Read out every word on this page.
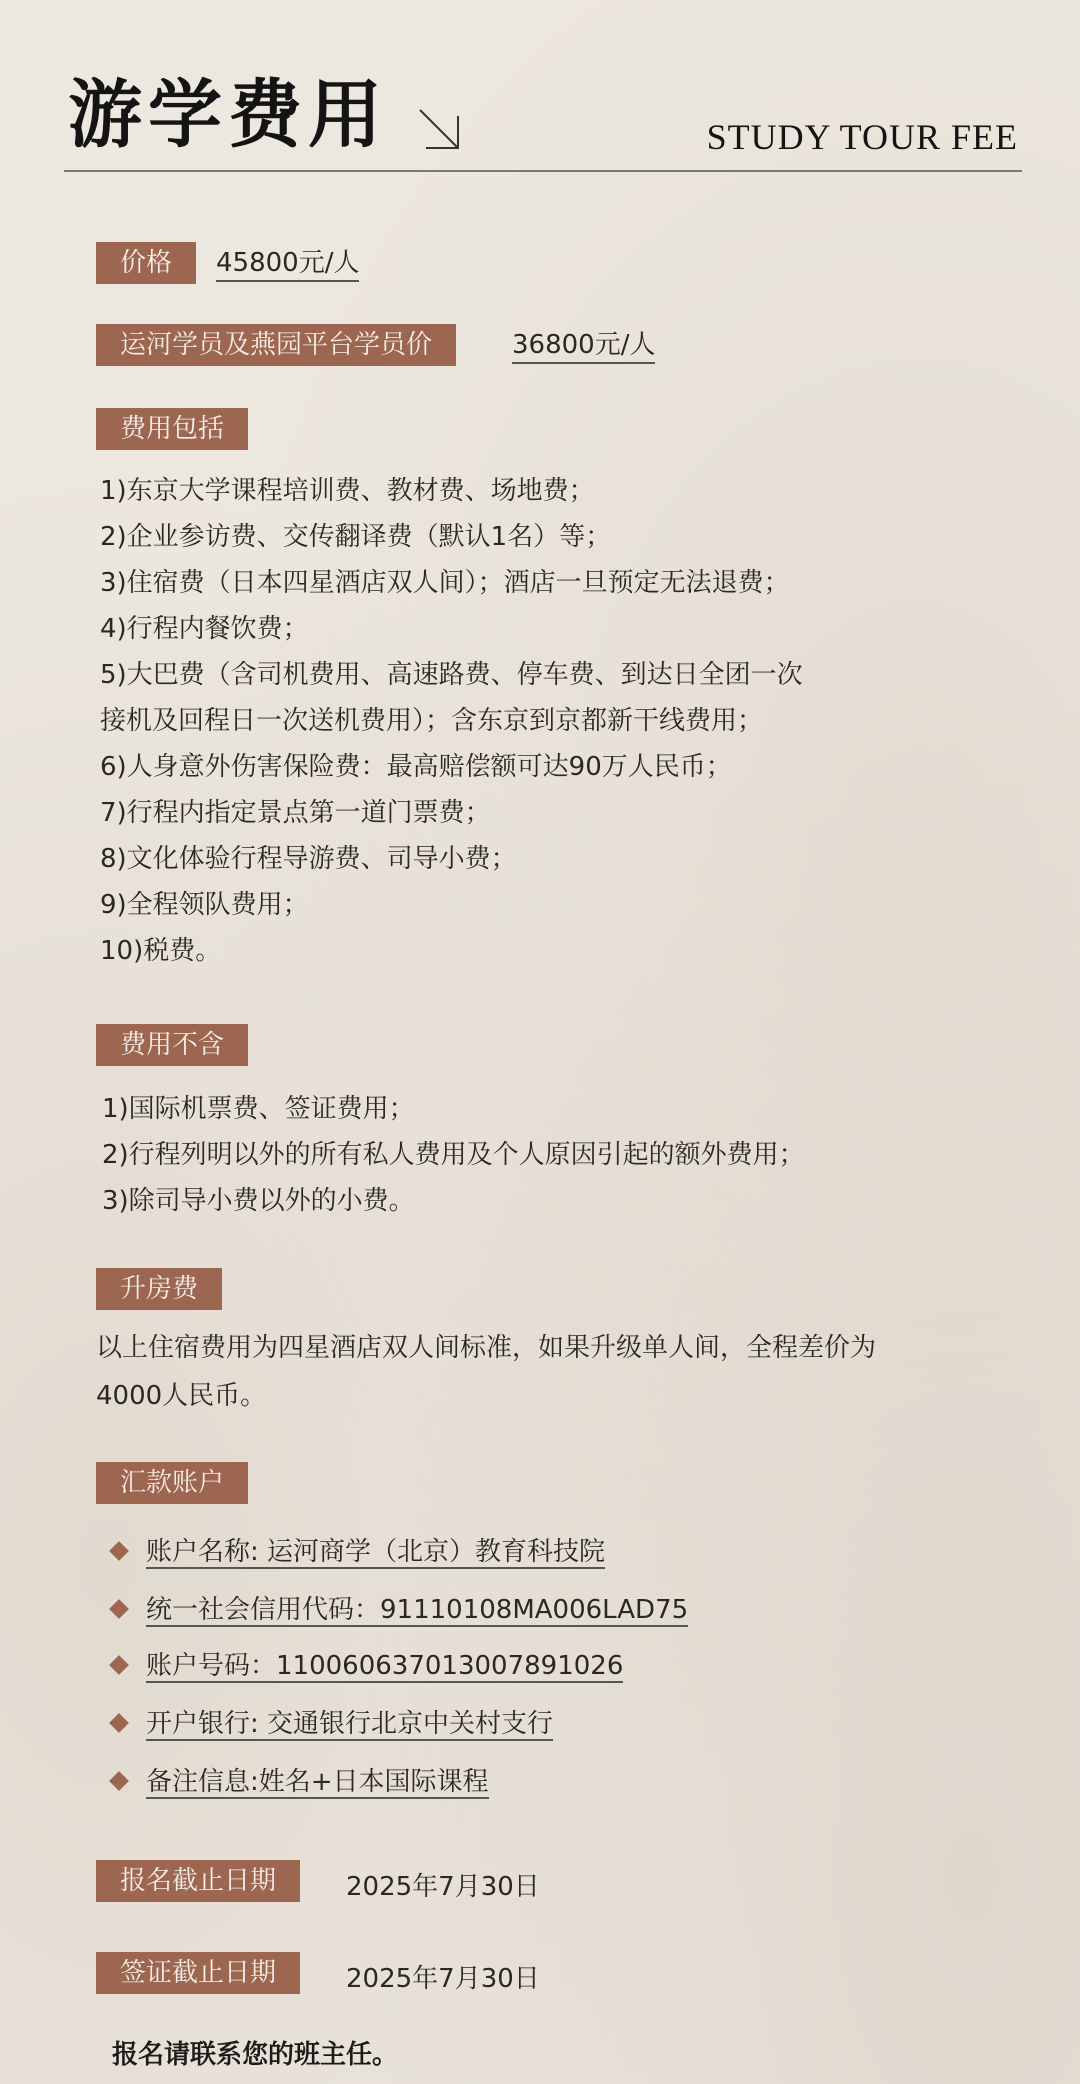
游学费用	STUDY TOUR FEE
价格	45800元/人
运河学员及燕园平台学员价	36800元/人
费用包括
1)东京大学课程培训费、教材费、场地费；
2)企业参访费、交传翻译费（默认1名）等；
3)住宿费（日本四星酒店双人间）；酒店一旦预定无法退费；
4)行程内餐饮费；
5)大巴费（含司机费用、高速路费、停车费、到达日全团一次
接机及回程日一次送机费用）；含东京到京都新干线费用；
6)人身意外伤害保险费：最高赔偿额可达90万人民币；
7)行程内指定景点第一道门票费；
8)文化体验行程导游费、司导小费；
9)全程领队费用；
10)税费。
费用不含
1)国际机票费、签证费用；
2)行程列明以外的所有私人费用及个人原因引起的额外费用；
3)除司导小费以外的小费。
升房费
以上住宿费用为四星酒店双人间标准，如果升级单人间，全程差价为
4000人民币。
汇款账户
账户名称: 运河商学（北京）教育科技院
统一社会信用代码：91110108MA006LAD75
账户号码：110060637013007891026
开户银行: 交通银行北京中关村支行
备注信息:姓名+日本国际课程
报名截止日期	2025年7月30日
签证截止日期	2025年7月30日
报名请联系您的班主任。
